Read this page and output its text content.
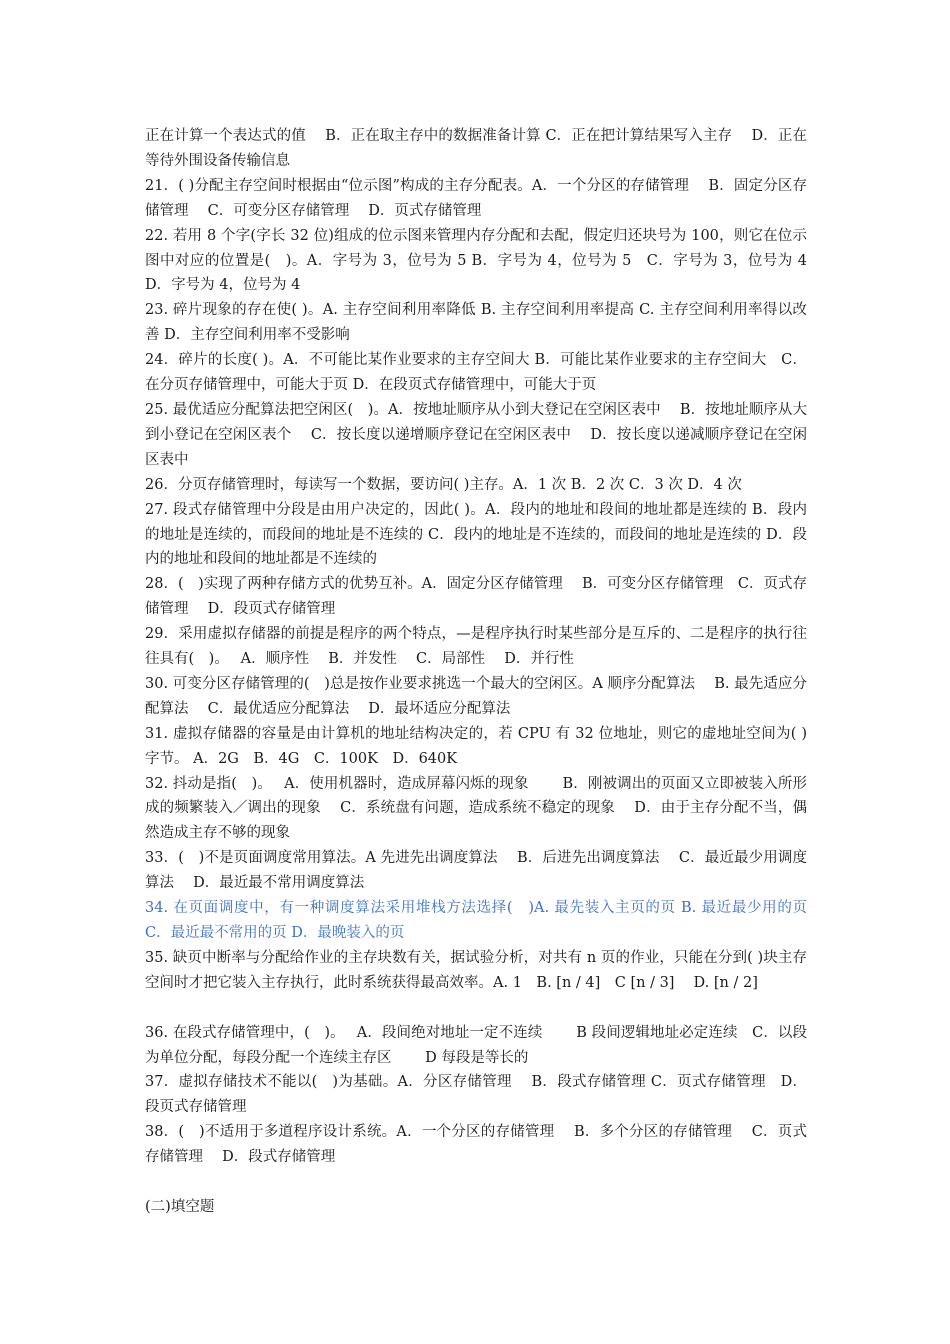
正在计算一个表达式的值　 B．正在取主存中的数据准备计算 C．正在把计算结果写入主存　 D．正在等待外围设备传输信息

21．( )分配主存空间时根据由“位示图”构成的主存分配表。A．一个分区的存储管理　 B．固定分区存储管理　 C．可变分区存储管理　 D．页式存储管理

22. 若用 8 个字(字长 32 位)组成的位示图来管理内存分配和去配，假定归还块号为 100，则它在位示图中对应的位置是(　)。A．字号为 3，位号为 5 B．字号为 4，位号为 5　C．字号为 3，位号为 4　D．字号为 4，位号为 4

23. 碎片现象的存在使( )。A. 主存空间利用率降低 B. 主存空间利用率提高 C. 主存空间利用率得以改善 D．主存空间利用率不受影响

24．碎片的长度( )。A．不可能比某作业要求的主存空间大 B．可能比某作业要求的主存空间大　C．在分页存储管理中，可能大于页 D．在段页式存储管理中，可能大于页

25. 最优适应分配算法把空闲区(　)。A．按地址顺序从小到大登记在空闲区表中　 B．按地址顺序从大到小登记在空闲区表个　 C．按长度以递增顺序登记在空闲区表中　 D．按长度以递减顺序登记在空闲区表中

26．分页存储管理时，每读写一个数据，要访问( )主存。A．1 次 B．2 次 C．3 次 D．4 次

27. 段式存储管理中分段是由用户决定的，因此( )。A．段内的地址和段间的地址都是连续的 B．段内的地址是连续的，而段间的地址是不连续的 C．段内的地址是不连续的，而段间的地址是连续的 D．段内的地址和段间的地址都是不连续的

28．(　)实现了两种存储方式的优势互补。A．固定分区存储管理　 B．可变分区存储管理　C．页式存储管理　 D．段页式存储管理

29．采用虚拟存储器的前提是程序的两个特点，—是程序执行时某些部分是互斥的、二是程序的执行往往具有(　)。　 A．顺序性　 B．并发性　 C．局部性　 D．并行性

30. 可变分区存储管理的(　)总是按作业要求挑选一个最大的空闲区。A 顺序分配算法　 B. 最先适应分配算法　 C．最优适应分配算法　 D．最坏适应分配算法

31. 虚拟存储器的容量是由计算机的地址结构决定的，若 CPU 有 32 位地址，则它的虚地址空间为( )字节。 A．2G　B．4G　C．100K　D．640K

32. 抖动是指(　)。　 A．使用机器时，造成屏幕闪烁的现象　　 B．刚被调出的页面又立即被装入所形成的频繁装入／调出的现象　 C．系统盘有问题，造成系统不稳定的现象　 D．由于主存分配不当，偶然造成主存不够的现象

33．(　)不是页面调度常用算法。A 先进先出调度算法　 B．后进先出调度算法　 C．最近最少用调度算法　 D．最近最不常用调度算法

34. 在页面调度中，有一种调度算法采用堆栈方法选择(　)A. 最先装入主页的页 B. 最近最少用的页 C．最近最不常用的页 D．最晚装入的页

35. 缺页中断率与分配给作业的主存块数有关，据试验分析，对共有 n 页的作业，只能在分到( )块主存空间时才把它装入主存执行，此时系统获得最高效率。A. 1　B. [n / 4]　C [n / 3]　 D. [n / 2]

36. 在段式存储管理中，(　)。　 A．段间绝对地址一定不连续　　 B 段间逻辑地址必定连续　C．以段为单位分配，每段分配一个连续主存区　　 D 每段是等长的

37．虚拟存储技术不能以(　)为基础。A．分区存储管理　 B．段式存储管理 C．页式存储管理　D．段页式存储管理

38．(　)不适用于多道程序设计系统。A．一个分区的存储管理　 B．多个分区的存储管理　 C．页式存储管理　 D．段式存储管理

(二)填空题
